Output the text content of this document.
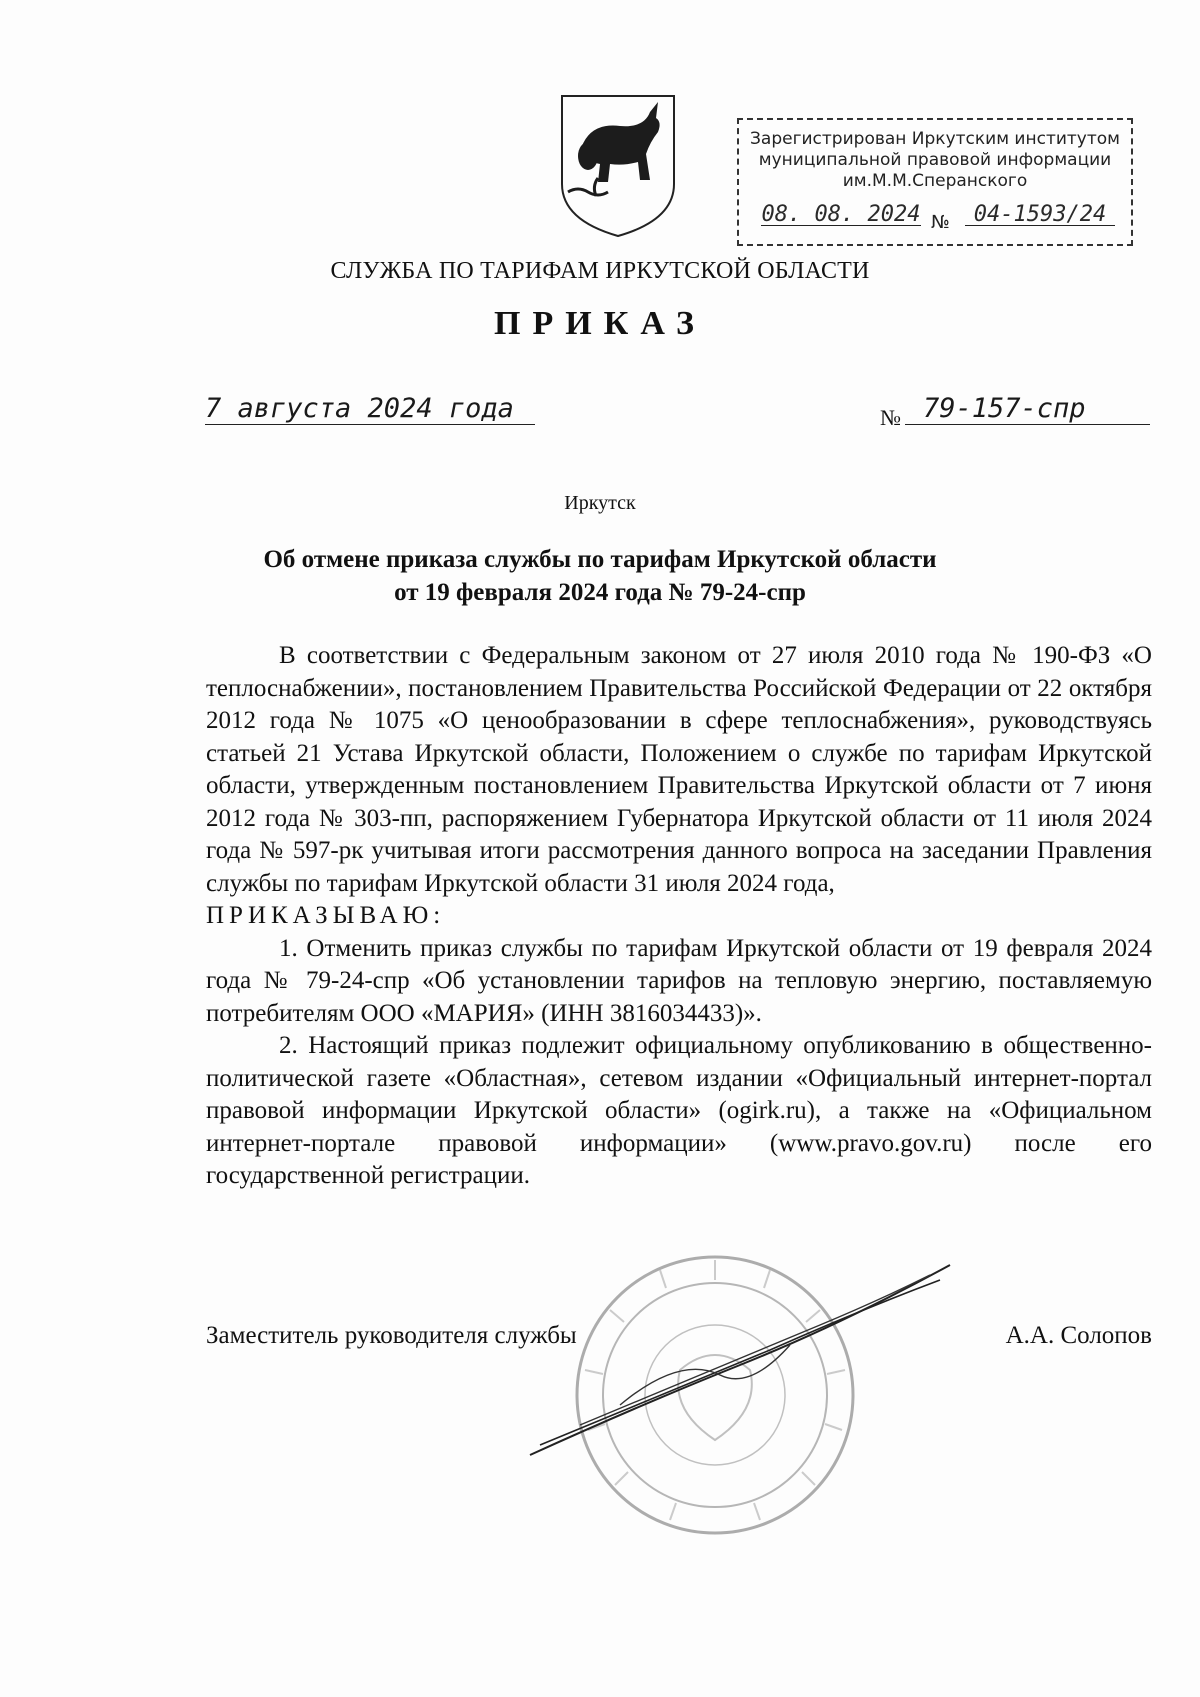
Зарегистрирован Иркутским институтом
муниципальной правовой информации
им.М.М.Сперанского
08. 08. 2024 №	04-1593/24
СЛУЖБА ПО ТАРИФАМ ИРКУТСКОЙ ОБЛАСТИ
ПРИКАЗ
7 августа 2024 года	№ 79-157-спр
Иркутск
Об отмене приказа службы по тарифам Иркутской области
от 19 февраля 2024 года № 79-24-спр

В соответствии с Федеральным законом от 27 июля 2010 года № 190-ФЗ «О теплоснабжении», постановлением Правительства Российской Федерации от 22 октября 2012 года № 1075 «О ценообразовании в сфере теплоснабжения», руководствуясь статьей 21 Устава Иркутской области, Положением о службе по тарифам Иркутской области, утвержденным постановлением Правительства Иркутской области от 7 июня 2012 года № 303-пп, распоряжением Губернатора Иркутской области от 11 июля 2024 года № 597-рк учитывая итоги рассмотрения данного вопроса на заседании Правления службы по тарифам Иркутской области 31 июля 2024 года,

ПРИКАЗЫВАЮ:

1. Отменить приказ службы по тарифам Иркутской области от 19 февраля 2024 года № 79-24-спр «Об установлении тарифов на тепловую энергию, поставляемую потребителям ООО «МАРИЯ» (ИНН 3816034433)».

2. Настоящий приказ подлежит официальному опубликованию в общественно-политической газете «Областная», сетевом издании «Официальный интернет-портал правовой информации Иркутской области» (ogirk.ru), а также на «Официальном интернет-портале правовой информации» (www.pravo.gov.ru) после его государственной регистрации.

Заместитель руководителя службы	А.А. Солопов
